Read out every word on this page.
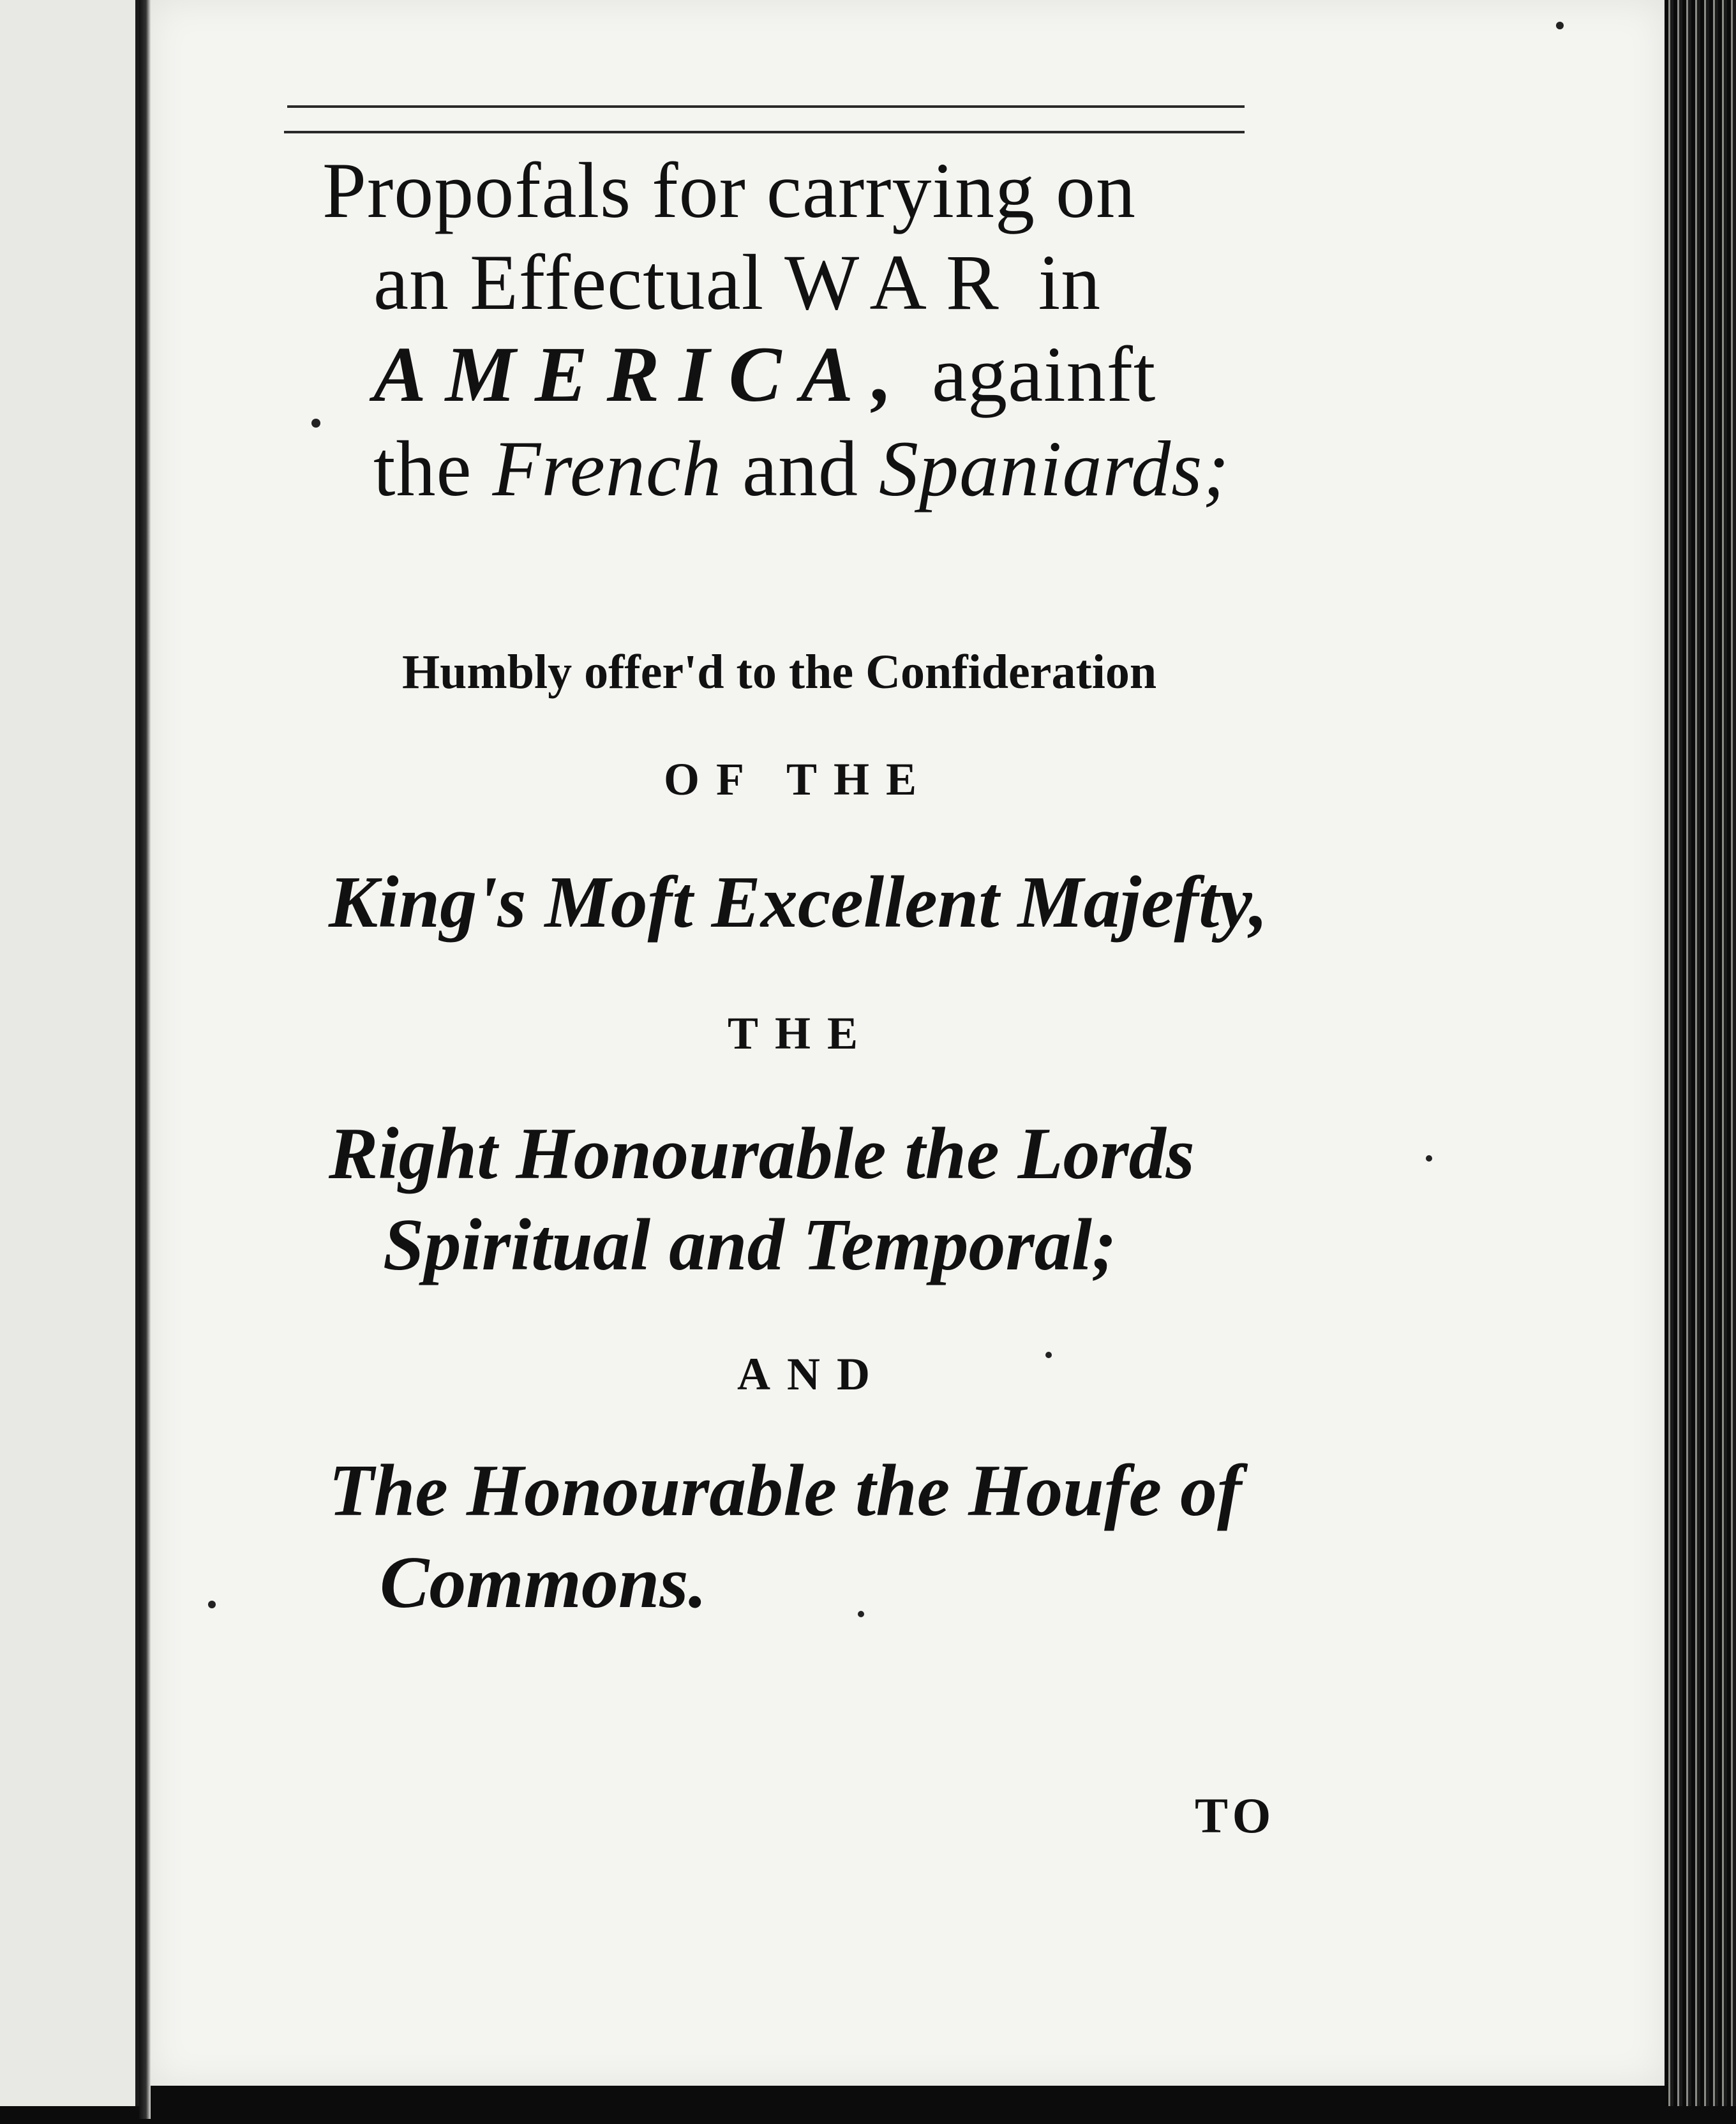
Propofals for carrying on
an Effectual WAR in
AMERICA, againft
the French and Spaniards;
Humbly offer'd to the Confideration
OF THE
King's Moft Excellent Majefty,
THE
Right Honourable the Lords
Spiritual and Temporal;
AND
The Honourable the Houfe of
Commons.
TO
